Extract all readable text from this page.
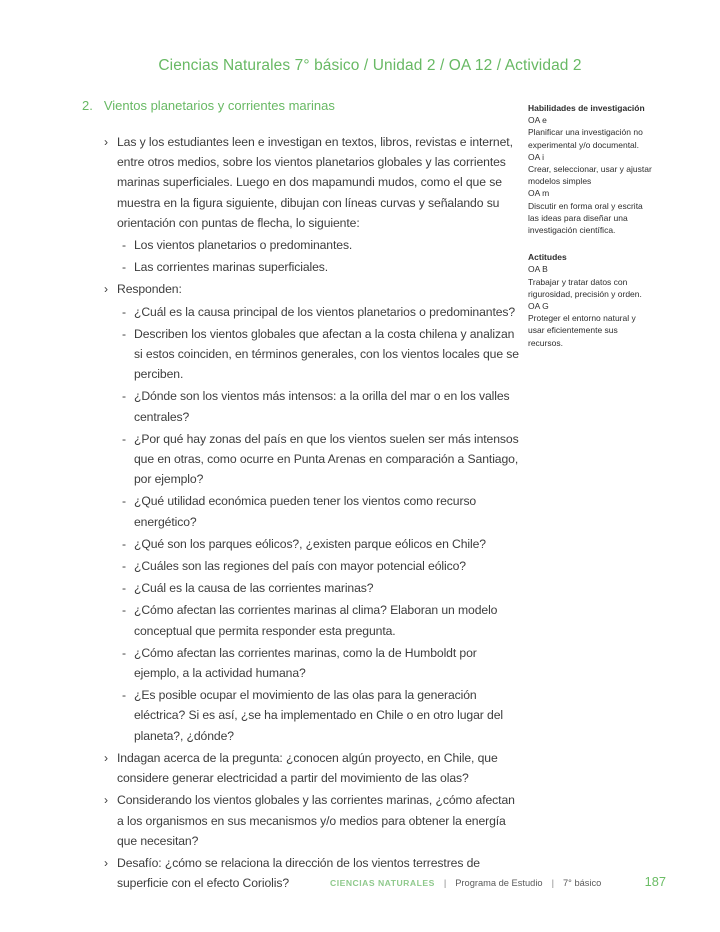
Ciencias Naturales 7° básico / Unidad 2 / OA 12 / Actividad 2
2. Vientos planetarios y corrientes marinas
› Las y los estudiantes leen e investigan en textos, libros, revistas e internet, entre otros medios, sobre los vientos planetarios globales y las corrientes marinas superficiales. Luego en dos mapamundi mudos, como el que se muestra en la figura siguiente, dibujan con líneas curvas y señalando su orientación con puntas de flecha, lo siguiente:
- Los vientos planetarios o predominantes.
- Las corrientes marinas superficiales.
› Responden:
- ¿Cuál es la causa principal de los vientos planetarios o predominantes?
- Describen los vientos globales que afectan a la costa chilena y analizan si estos coinciden, en términos generales, con los vientos locales que se perciben.
- ¿Dónde son los vientos más intensos: a la orilla del mar o en los valles centrales?
- ¿Por qué hay zonas del país en que los vientos suelen ser más intensos que en otras, como ocurre en Punta Arenas en comparación a Santiago, por ejemplo?
- ¿Qué utilidad económica pueden tener los vientos como recurso energético?
- ¿Qué son los parques eólicos?, ¿existen parque eólicos en Chile?
- ¿Cuáles son las regiones del país con mayor potencial eólico?
- ¿Cuál es la causa de las corrientes marinas?
- ¿Cómo afectan las corrientes marinas al clima? Elaboran un modelo conceptual que permita responder esta pregunta.
- ¿Cómo afectan las corrientes marinas, como la de Humboldt por ejemplo, a la actividad humana?
- ¿Es posible ocupar el movimiento de las olas para la generación eléctrica? Si es así, ¿se ha implementado en Chile o en otro lugar del planeta?, ¿dónde?
› Indagan acerca de la pregunta: ¿conocen algún proyecto, en Chile, que considere generar electricidad a partir del movimiento de las olas?
› Considerando los vientos globales y las corrientes marinas, ¿cómo afectan a los organismos en sus mecanismos y/o medios para obtener la energía que necesitan?
› Desafío: ¿cómo se relaciona la dirección de los vientos terrestres de superficie con el efecto Coriolis?
Habilidades de investigación
OA e
Planificar una investigación no experimental y/o documental.
OA i
Crear, seleccionar, usar y ajustar modelos simples
OA m
Discutir en forma oral y escrita las ideas para diseñar una investigación científica.
Actitudes
OA B
Trabajar y tratar datos con rigurosidad, precisión y orden.
OA G
Proteger el entorno natural y usar eficientemente sus recursos.
CIENCIAS NATURALES | Programa de Estudio | 7° básico	187
